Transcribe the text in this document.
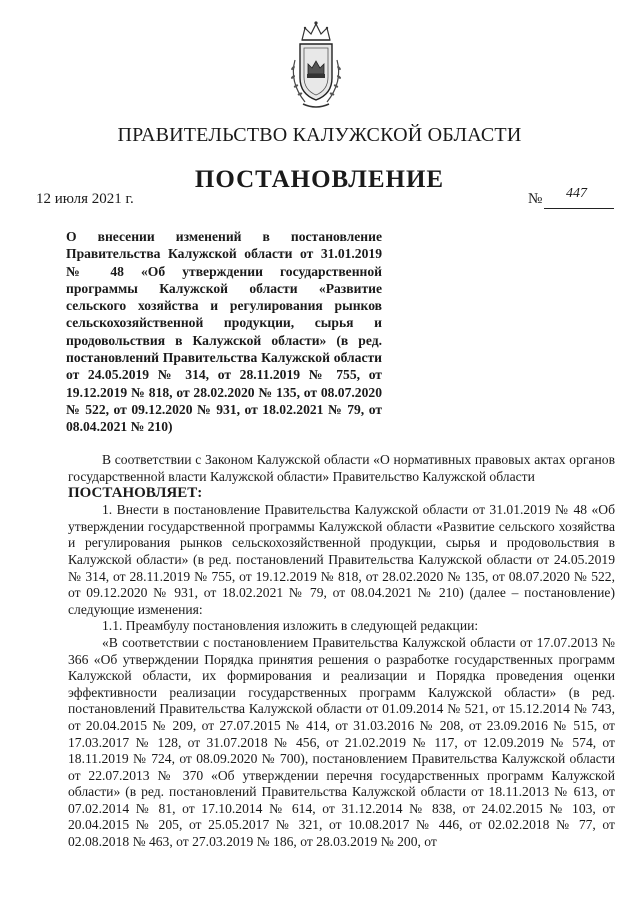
ПРАВИТЕЛЬСТВО КАЛУЖСКОЙ ОБЛАСТИ
ПОСТАНОВЛЕНИЕ
12 июля 2021 г.	№ 447
О внесении изменений в постановление Правительства Калужской области от 31.01.2019 № 48 «Об утверждении государственной программы Калужской области «Развитие сельского хозяйства и регулирования рынков сельскохозяйственной продукции, сырья и продовольствия в Калужской области» (в ред. постановлений Правительства Калужской области от 24.05.2019 № 314, от 28.11.2019 № 755, от 19.12.2019 № 818, от 28.02.2020 № 135, от 08.07.2020 № 522, от 09.12.2020 № 931, от 18.02.2021 № 79, от 08.04.2021 № 210)

В соответствии с Законом Калужской области «О нормативных правовых актах органов государственной власти Калужской области» Правительство Калужской области

ПОСТАНОВЛЯЕТ:

1. Внести в постановление Правительства Калужской области от 31.01.2019 № 48 «Об утверждении государственной программы Калужской области «Развитие сельского хозяйства и регулирования рынков сельскохозяйственной продукции, сырья и продовольствия в Калужской области» (в ред. постановлений Правительства Калужской области от 24.05.2019 № 314, от 28.11.2019 № 755, от 19.12.2019 № 818, от 28.02.2020 № 135, от 08.07.2020 № 522, от 09.12.2020 № 931, от 18.02.2021 № 79, от 08.04.2021 № 210) (далее – постановление) следующие изменения:

1.1. Преамбулу постановления изложить в следующей редакции:

«В соответствии с постановлением Правительства Калужской области от 17.07.2013 № 366 «Об утверждении Порядка принятия решения о разработке государственных программ Калужской области, их формирования и реализации и Порядка проведения оценки эффективности реализации государственных программ Калужской области» (в ред. постановлений Правительства Калужской области от 01.09.2014 № 521, от 15.12.2014 № 743, от 20.04.2015 № 209, от 27.07.2015 № 414, от 31.03.2016 № 208, от 23.09.2016 № 515, от 17.03.2017 № 128, от 31.07.2018 № 456, от 21.02.2019 № 117, от 12.09.2019 № 574, от 18.11.2019 № 724, от 08.09.2020 № 700), постановлением Правительства Калужской области от 22.07.2013 № 370 «Об утверждении перечня государственных программ Калужской области» (в ред. постановлений Правительства Калужской области от 18.11.2013 № 613, от 07.02.2014 № 81, от 17.10.2014 № 614, от 31.12.2014 № 838, от 24.02.2015 № 103, от 20.04.2015 № 205, от 25.05.2017 № 321, от 10.08.2017 № 446, от 02.02.2018 № 77, от 02.08.2018 № 463, от 27.03.2019 № 186, от 28.03.2019 № 200, от
